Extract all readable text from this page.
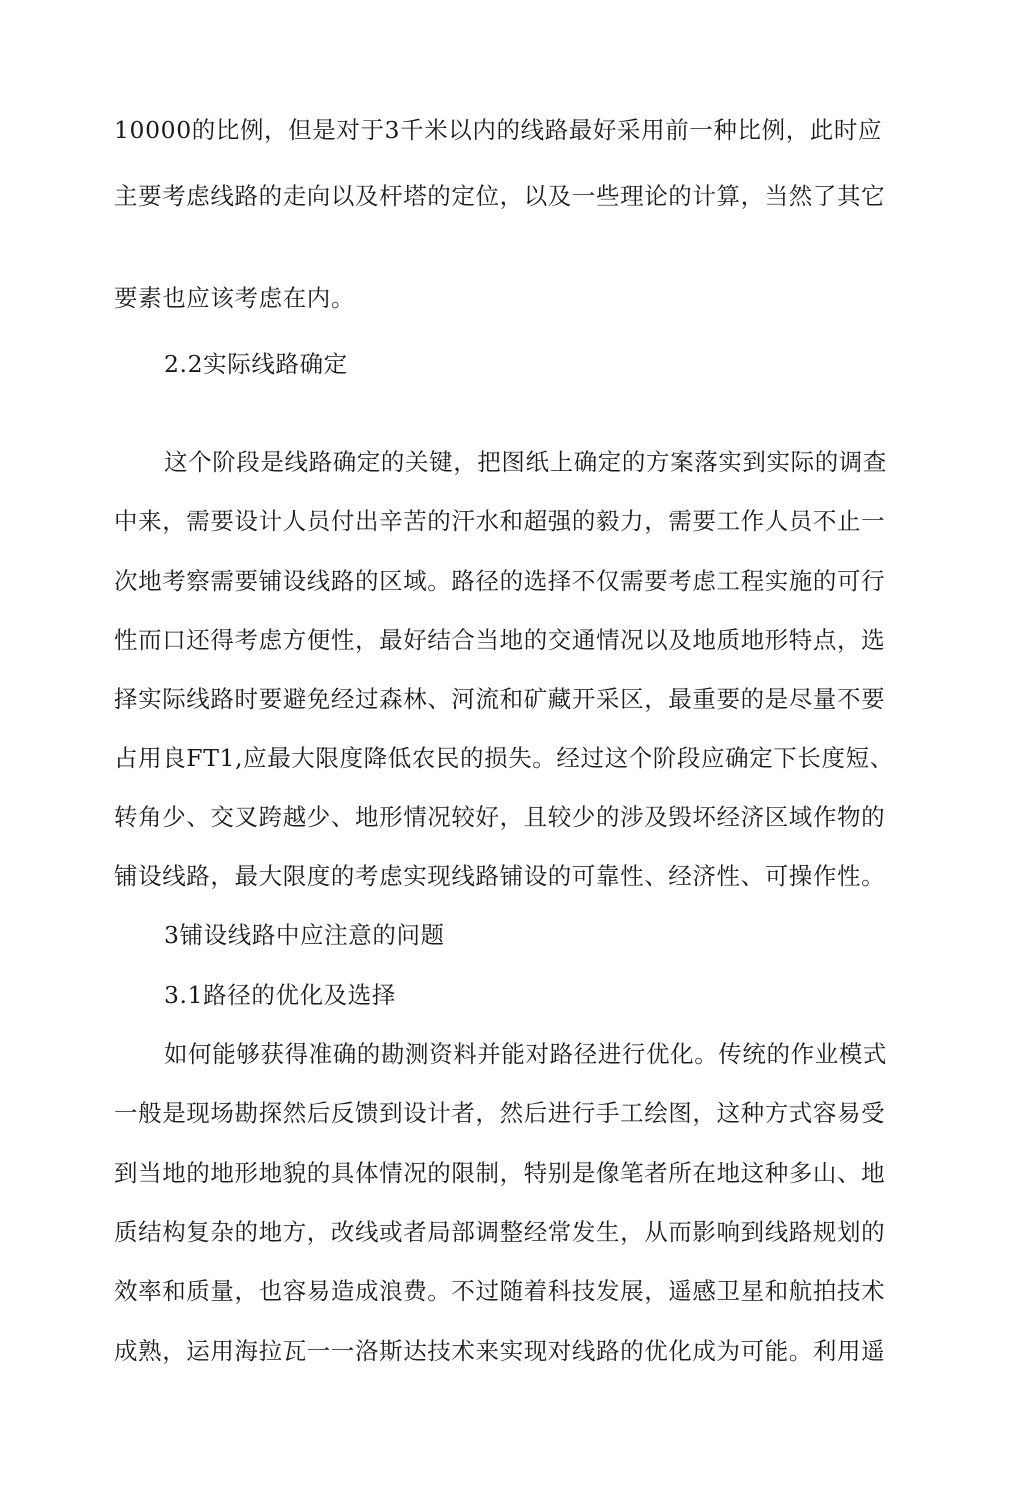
10000的比例，但是对于3千米以内的线路最好采用前一种比例，此时应
主要考虑线路的走向以及杆塔的定位，以及一些理论的计算，当然了其它
要素也应该考虑在内。
2.2实际线路确定
这个阶段是线路确定的关键，把图纸上确定的方案落实到实际的调查
中来，需要设计人员付出辛苦的汗水和超强的毅力，需要工作人员不止一
次地考察需要铺设线路的区域。路径的选择不仅需要考虑工程实施的可行
性而口还得考虑方便性，最好结合当地的交通情况以及地质地形特点，选
择实际线路时要避免经过森林、河流和矿藏开采区，最重要的是尽量不要
占用良FT1,应最大限度降低农民的损失。经过这个阶段应确定下长度短、
转角少、交叉跨越少、地形情况较好，且较少的涉及毁坏经济区域作物的
铺设线路，最大限度的考虑实现线路铺设的可靠性、经济性、可操作性。
3铺设线路中应注意的问题
3.1路径的优化及选择
如何能够获得准确的勘测资料并能对路径进行优化。传统的作业模式
一般是现场勘探然后反馈到设计者，然后进行手工绘图，这种方式容易受
到当地的地形地貌的具体情况的限制，特别是像笔者所在地这种多山、地
质结构复杂的地方，改线或者局部调整经常发生，从而影响到线路规划的
效率和质量，也容易造成浪费。不过随着科技发展，遥感卫星和航拍技术
成熟，运用海拉瓦一一洛斯达技术来实现对线路的优化成为可能。利用遥
